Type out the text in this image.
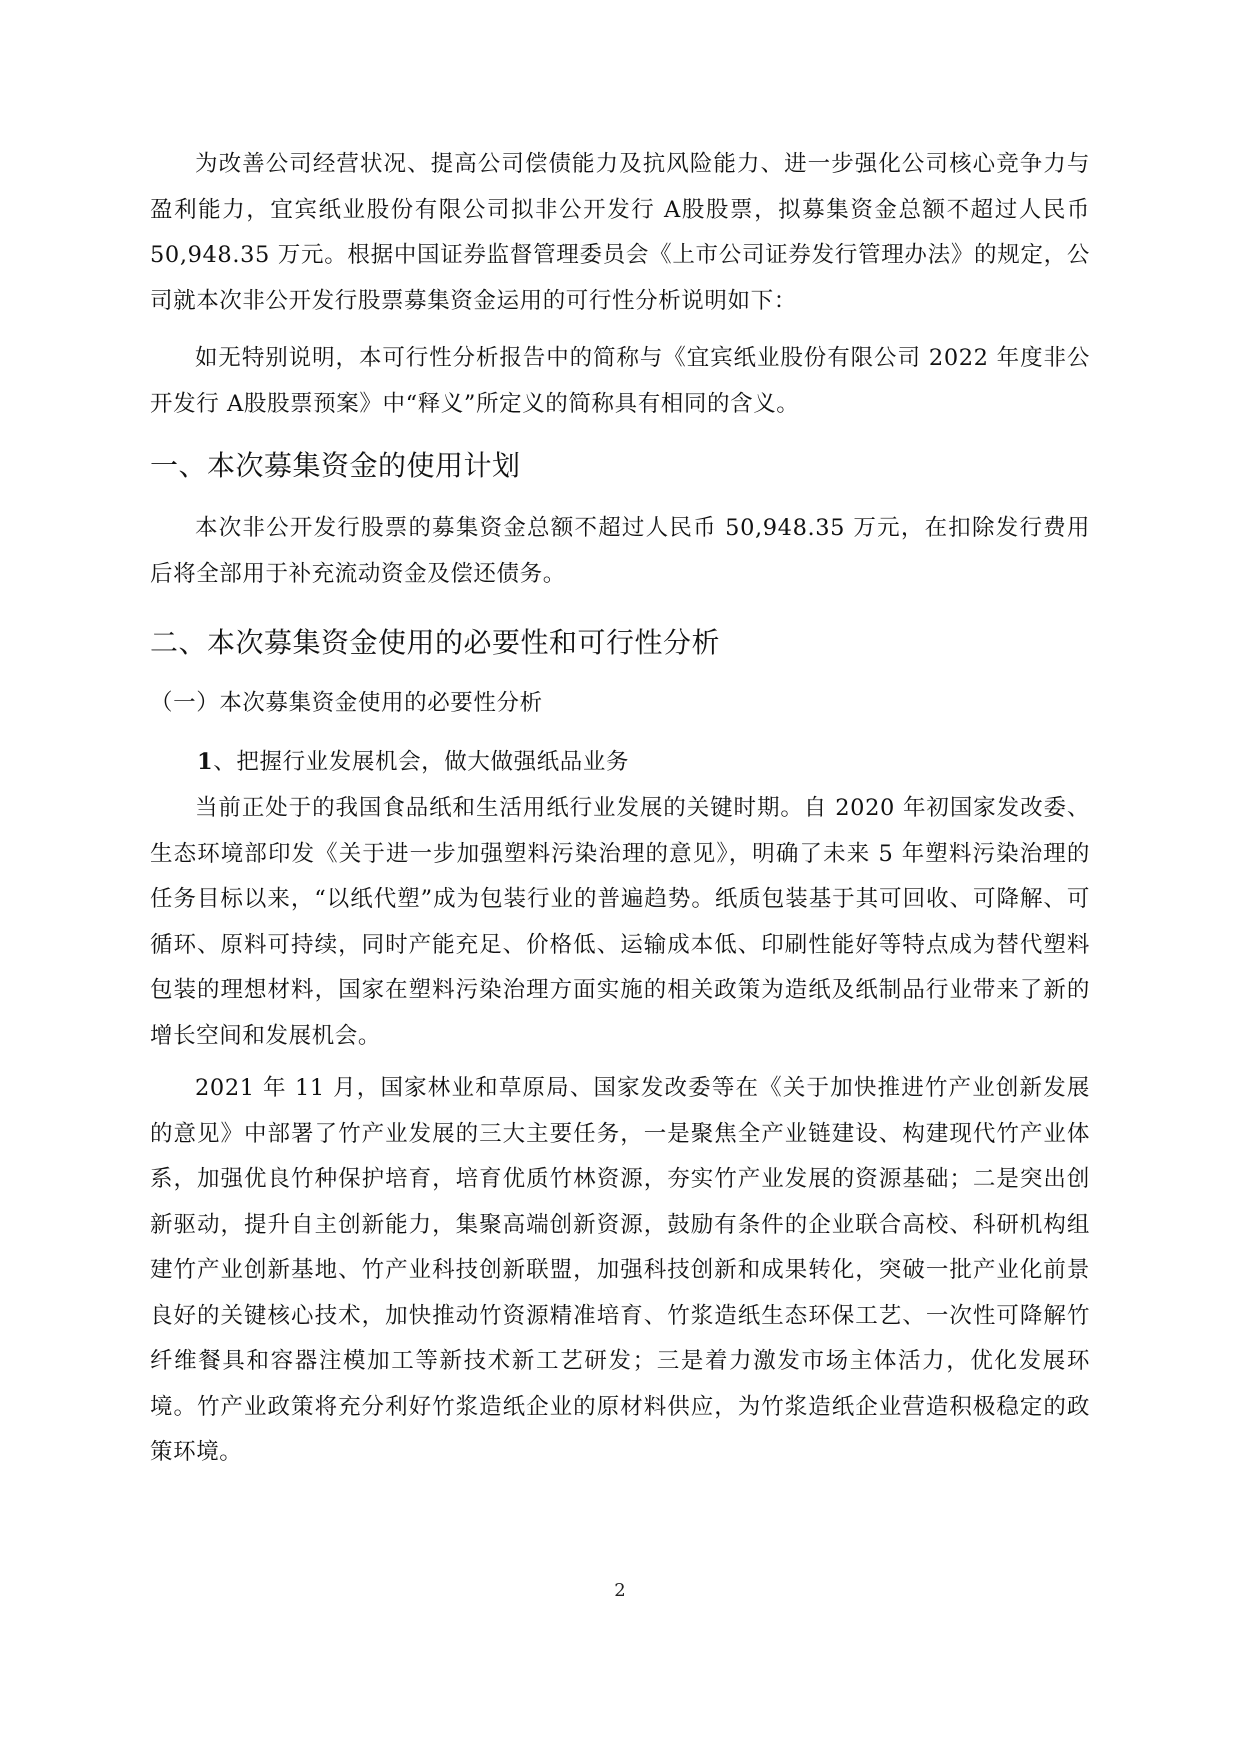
为改善公司经营状况、提高公司偿债能力及抗风险能力、进一步强化公司核心竞争力与盈利能力，宜宾纸业股份有限公司拟非公开发行 A股股票，拟募集资金总额不超过人民币 50,948.35 万元。根据中国证券监督管理委员会《上市公司证券发行管理办法》的规定，公司就本次非公开发行股票募集资金运用的可行性分析说明如下：

如无特别说明，本可行性分析报告中的简称与《宜宾纸业股份有限公司 2022 年度非公开发行 A股股票预案》中“释义”所定义的简称具有相同的含义。

一、本次募集资金的使用计划

本次非公开发行股票的募集资金总额不超过人民币 50,948.35 万元，在扣除发行费用后将全部用于补充流动资金及偿还债务。

二、本次募集资金使用的必要性和可行性分析

（一）本次募集资金使用的必要性分析

1、把握行业发展机会，做大做强纸品业务

当前正处于的我国食品纸和生活用纸行业发展的关键时期。自 2020 年初国家发改委、生态环境部印发《关于进一步加强塑料污染治理的意见》，明确了未来 5 年塑料污染治理的任务目标以来，“以纸代塑”成为包装行业的普遍趋势。纸质包装基于其可回收、可降解、可循环、原料可持续，同时产能充足、价格低、运输成本低、印刷性能好等特点成为替代塑料包装的理想材料，国家在塑料污染治理方面实施的相关政策为造纸及纸制品行业带来了新的增长空间和发展机会。

2021 年 11 月，国家林业和草原局、国家发改委等在《关于加快推进竹产业创新发展的意见》中部署了竹产业发展的三大主要任务，一是聚焦全产业链建设、构建现代竹产业体系，加强优良竹种保护培育，培育优质竹林资源，夯实竹产业发展的资源基础；二是突出创新驱动，提升自主创新能力，集聚高端创新资源，鼓励有条件的企业联合高校、科研机构组建竹产业创新基地、竹产业科技创新联盟，加强科技创新和成果转化，突破一批产业化前景良好的关键核心技术，加快推动竹资源精准培育、竹浆造纸生态环保工艺、一次性可降解竹纤维餐具和容器注模加工等新技术新工艺研发；三是着力激发市场主体活力，优化发展环境。竹产业政策将充分利好竹浆造纸企业的原材料供应，为竹浆造纸企业营造积极稳定的政策环境。

2
